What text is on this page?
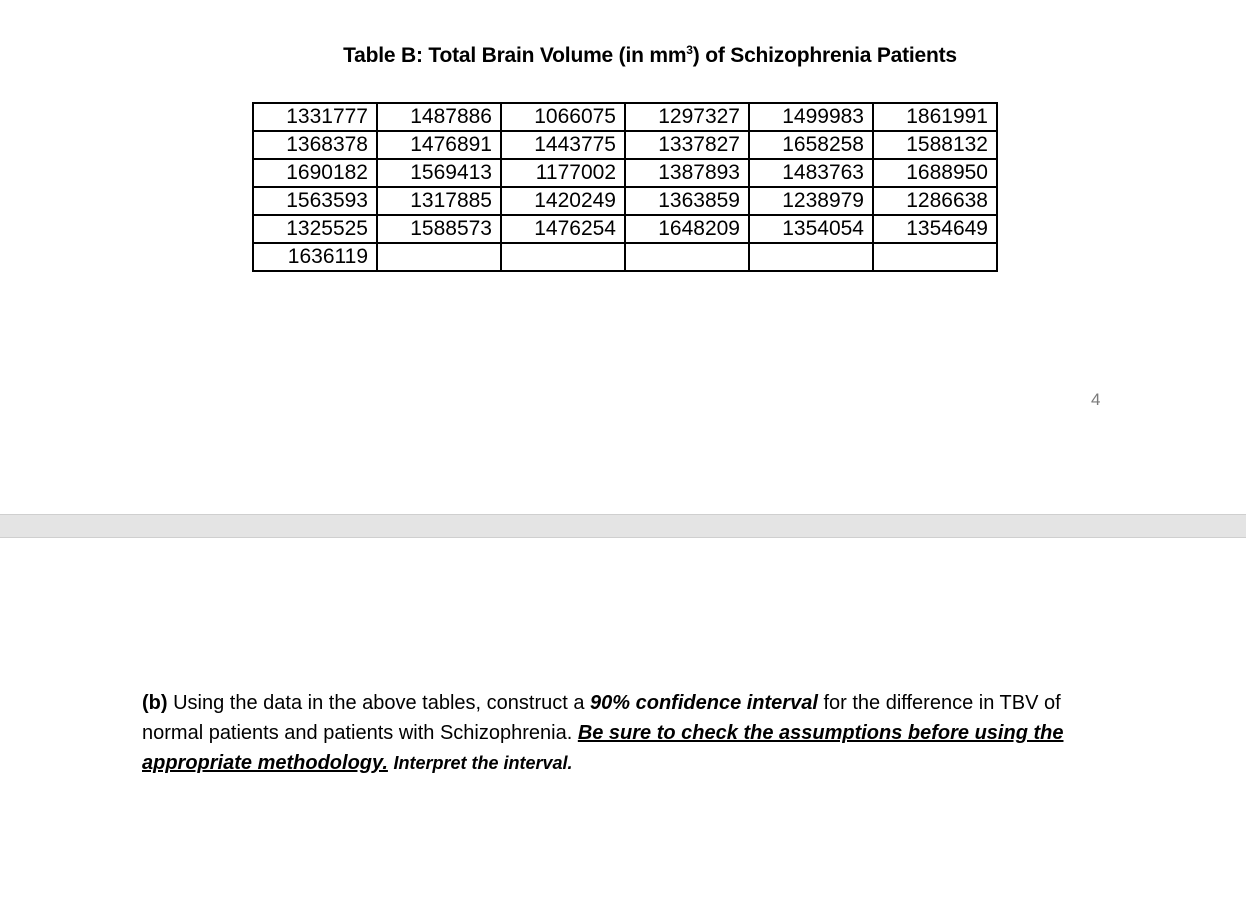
Table B: Total Brain Volume (in $mm^3$) of Schizophrenia Patients
1331777	1487886	1066075	1297327	1499983	1861991
1368378	1476891	1443775	1337827	1658258	1588132
1690182	1569413	1177002	1387893	1483763	1688950
1563593	1317885	1420249	1363859	1238979	1286638
1325525	1588573	1476254	1648209	1354054	1354649
1636119					
4
(b) Using the data in the above tables, construct a 90% confidence interval for the difference in TBV of normal patients and patients with Schizophrenia. Be sure to check the assumptions before using the appropriate methodology. Interpret the interval.
